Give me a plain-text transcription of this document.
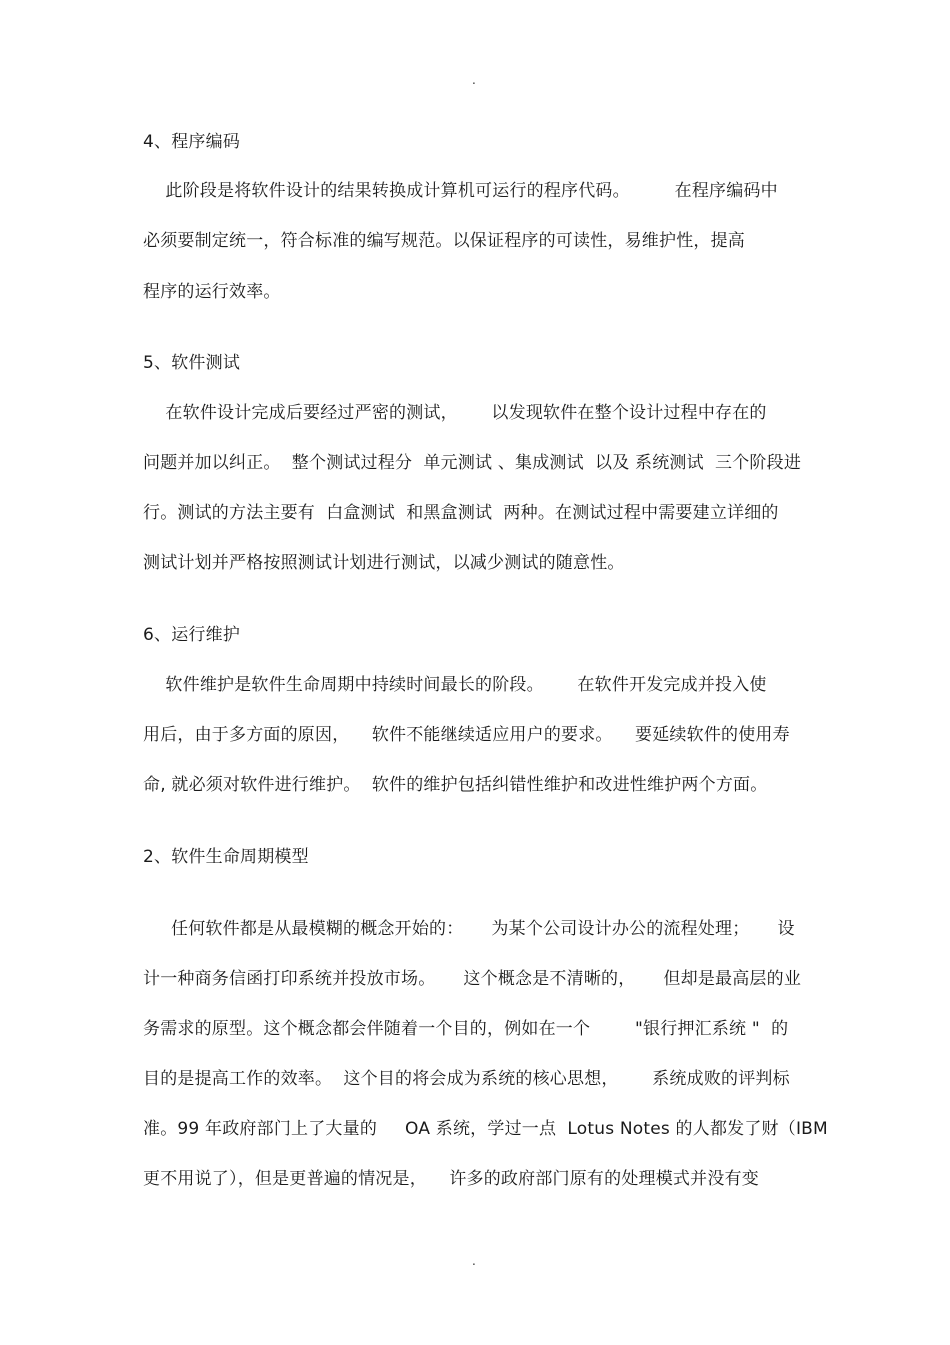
.
4、程序编码
此阶段是将软件设计的结果转换成计算机可运行的程序代码。        在程序编码中
必须要制定统一，符合标准的编写规范。以保证程序的可读性，易维护性，提高
程序的运行效率。
5、软件测试
在软件设计完成后要经过严密的测试，      以发现软件在整个设计过程中存在的
问题并加以纠正。  整个测试过程分  单元测试 、集成测试  以及 系统测试  三个阶段进
行。测试的方法主要有  白盒测试  和黑盒测试  两种。在测试过程中需要建立详细的
测试计划并严格按照测试计划进行测试，以减少测试的随意性。
6、运行维护
软件维护是软件生命周期中持续时间最长的阶段。      在软件开发完成并投入使
用后，由于多方面的原因，    软件不能继续适应用户的要求。    要延续软件的使用寿
命, 就必须对软件进行维护。  软件的维护包括纠错性维护和改进性维护两个方面。
2、软件生命周期模型
任何软件都是从最模糊的概念开始的：     为某个公司设计办公的流程处理；     设
计一种商务信函打印系统并投放市场。     这个概念是不清晰的，     但却是最高层的业
务需求的原型。这个概念都会伴随着一个目的，例如在一个        "银行押汇系统 "  的
目的是提高工作的效率。  这个目的将会成为系统的核心思想，      系统成败的评判标
准。99 年政府部门上了大量的     OA 系统，学过一点  Lotus Notes 的人都发了财（IBM
更不用说了），但是更普遍的情况是，    许多的政府部门原有的处理模式并没有变
.
